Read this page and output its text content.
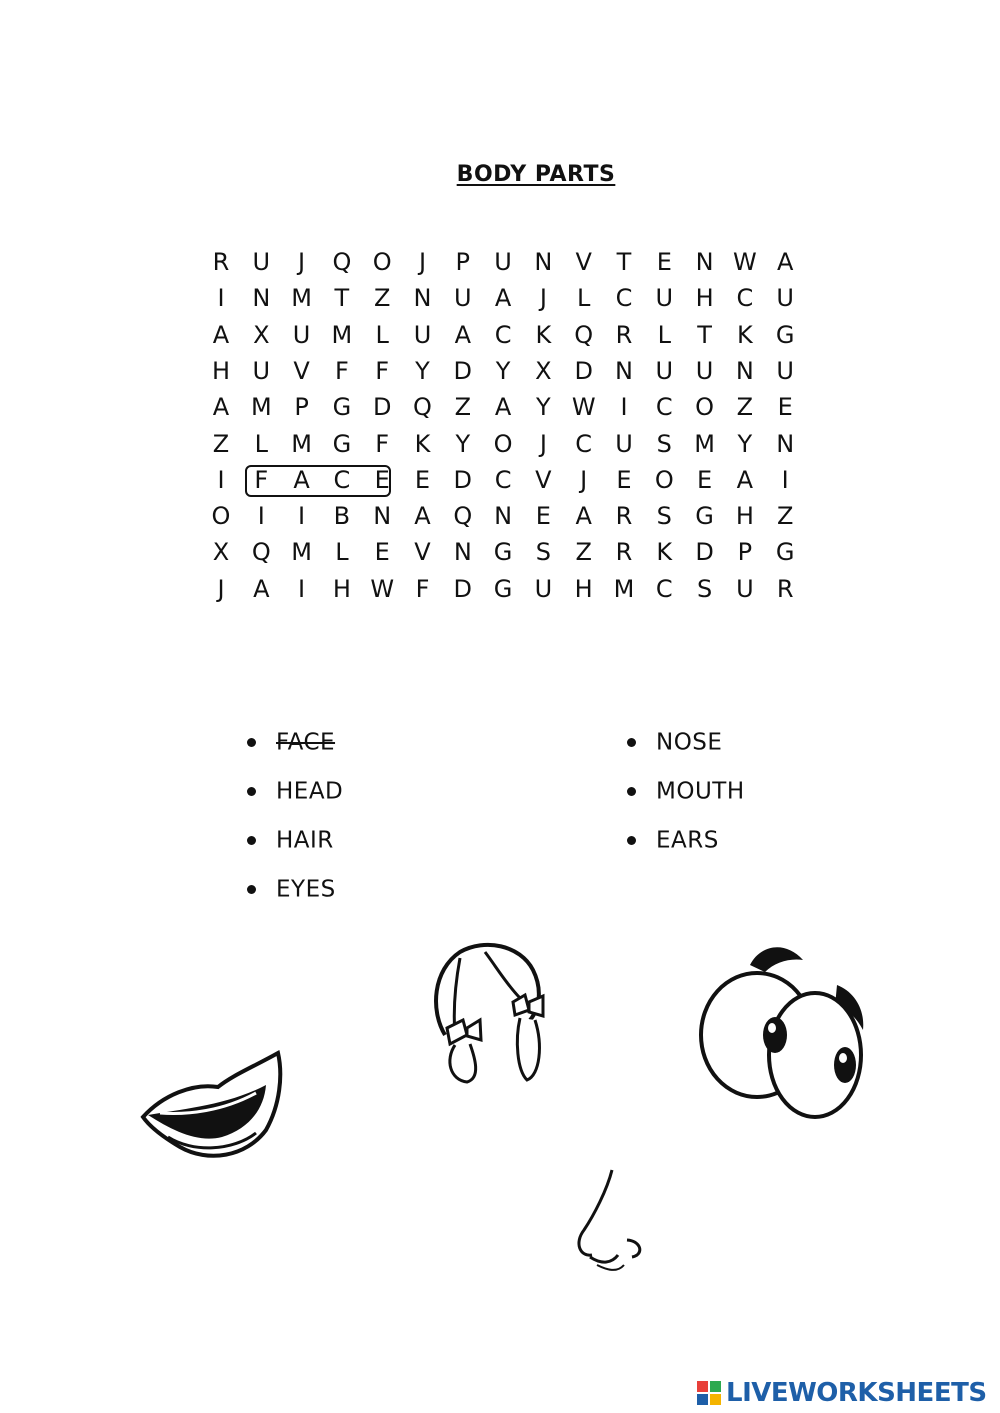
BODY PARTS
R U	J	Q O	J	P	U N V	T	E N W A
I	N M T	Z N U A	J	L	C U H C U
A X U M L	U A C	K Q R	L	T	K G
H U V	F	F	Y D Y	X D N U U N U
A M P G D Q Z A	Y W	I	C O Z	E
Z	L M G	F	K	Y O	J	C U S M Y N
I	F	A C	E	E D C V	J	E O E	A	I
O	I	I	B N A Q N E	A R	S G H Z
X Q M L	E	V N G S	Z R	K D P G
J	A	I	H W F	D G U H M C	S U R
FACE
HEAD
HAIR
EYES
NOSE
MOUTH
EARS
LIVEWORKSHEETS
